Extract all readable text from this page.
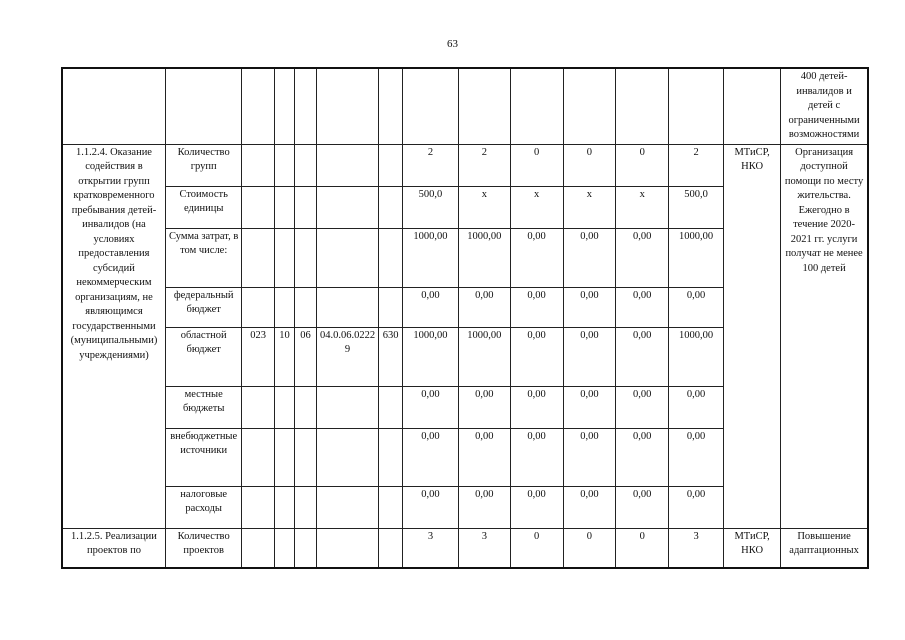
63
														400 детей-инвалидов и детей с ограниченными возможностями
1.1.2.4. Оказание содействия в открытии групп кратковременного пребывания детей-инвалидов (на условиях предоставления субсидий некоммерческим организациям, не являющимся государственными (муниципальными) учреждениями)	Количество групп						2	2	0	0	0	2	МТиСР, НКО	Организация доступной помощи по месту жительства. Ежегодно в течение 2020-2021 гг. услуги получат не менее 100 детей
	Стоимость единицы						500,0	х	х	х	х	500,0		
	Сумма затрат, в том числе:						1000,00	1000,00	0,00	0,00	0,00	1000,00		
	федеральный бюджет						0,00	0,00	0,00	0,00	0,00	0,00		
	областной бюджет	023	10	06	04.0.06.02229	630	1000,00	1000,00	0,00	0,00	0,00	1000,00		
	местные бюджеты						0,00	0,00	0,00	0,00	0,00	0,00		
	внебюджетные источники						0,00	0,00	0,00	0,00	0,00	0,00		
	налоговые расходы						0,00	0,00	0,00	0,00	0,00	0,00		
1.1.2.5. Реализации проектов по	Количество проектов						3	3	0	0	0	3	МТиСР, НКО	Повышение адаптационных
